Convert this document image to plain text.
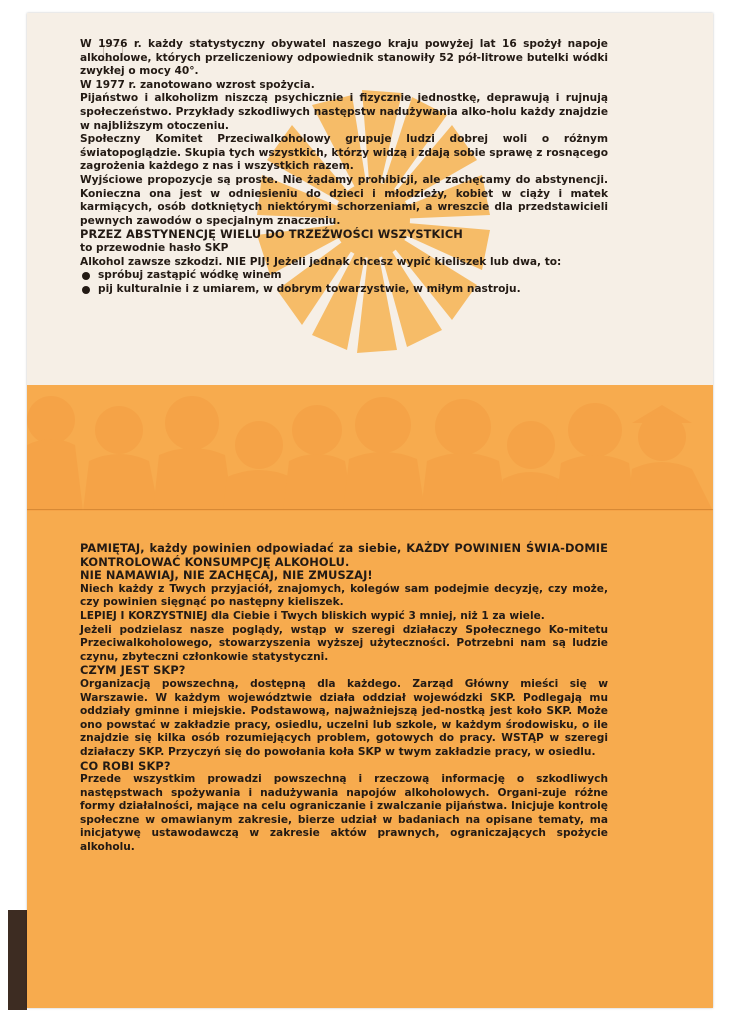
W 1976 r. każdy statystyczny obywatel naszego kraju powyżej lat 16 spożył napoje alkoholowe, których przeliczeniowy odpowiednik stanowiły 52 pół-litrowe butelki wódki zwykłej o mocy 40°.

W 1977 r. zanotowano wzrost spożycia.

Pijaństwo i alkoholizm niszczą psychicznie i fizycznie jednostkę, deprawują i rujnują społeczeństwo. Przykłady szkodliwych następstw nadużywania alko-holu każdy znajdzie w najbliższym otoczeniu.

Społeczny Komitet Przeciwalkoholowy grupuje ludzi dobrej woli o różnym światopoglądzie. Skupia tych wszystkich, którzy widzą i zdają sobie sprawę z rosnącego zagrożenia każdego z nas i wszystkich razem.

Wyjściowe propozycje są proste. Nie żądamy prohibicji, ale zachęcamy do abstynencji. Konieczna ona jest w odniesieniu do dzieci i młodzieży, kobiet w ciąży i matek karmiących, osób dotkniętych niektórymi schorzeniami, a wreszcie dla przedstawicieli pewnych zawodów o specjalnym znaczeniu.

PRZEZ ABSTYNENCJĘ WIELU DO TRZEŹWOŚCI WSZYSTKICH

to przewodnie hasło SKP

Alkohol zawsze szkodzi. NIE PIJ! Jeżeli jednak chcesz wypić kieliszek lub dwa, to:

spróbuj zastąpić wódkę winem
pij kulturalnie i z umiarem, w dobrym towarzystwie, w miłym nastroju.

PAMIĘTAJ, każdy powinien odpowiadać za siebie, KAŻDY POWINIEN ŚWIA-DOMIE KONTROLOWAĆ KONSUMPCJĘ ALKOHOLU.

NIE NAMAWIAJ, NIE ZACHĘCAJ, NIE ZMUSZAJ!

Niech każdy z Twych przyjaciół, znajomych, kolegów sam podejmie decyzję, czy może, czy powinien sięgnąć po następny kieliszek.

LEPIEJ I KORZYSTNIEJ dla Ciebie i Twych bliskich wypić 3 mniej, niż 1 za wiele.

Jeżeli podzielasz nasze poglądy, wstąp w szeregi działaczy Społecznego Ko-mitetu Przeciwalkoholowego, stowarzyszenia wyższej użyteczności. Potrzebni nam są ludzie czynu, zbyteczni członkowie statystyczni.

CZYM JEST SKP?

Organizacją powszechną, dostępną dla każdego. Zarząd Główny mieści się w Warszawie. W każdym województwie działa oddział wojewódzki SKP. Podlegają mu oddziały gminne i miejskie. Podstawową, najważniejszą jed-nostką jest koło SKP. Może ono powstać w zakładzie pracy, osiedlu, uczelni lub szkole, w każdym środowisku, o ile znajdzie się kilka osób rozumiejących problem, gotowych do pracy. WSTĄP w szeregi działaczy SKP. Przyczyń się do powołania koła SKP w twym zakładzie pracy, w osiedlu.

CO ROBI SKP?

Przede wszystkim prowadzi powszechną i rzeczową informację o szkodliwych następstwach spożywania i nadużywania napojów alkoholowych. Organi-zuje różne formy działalności, mające na celu ograniczanie i zwalczanie pijaństwa. Inicjuje kontrolę społeczne w omawianym zakresie, bierze udział w badaniach na opisane tematy, ma inicjatywę ustawodawczą w zakresie aktów prawnych, ograniczających spożycie alkoholu.
